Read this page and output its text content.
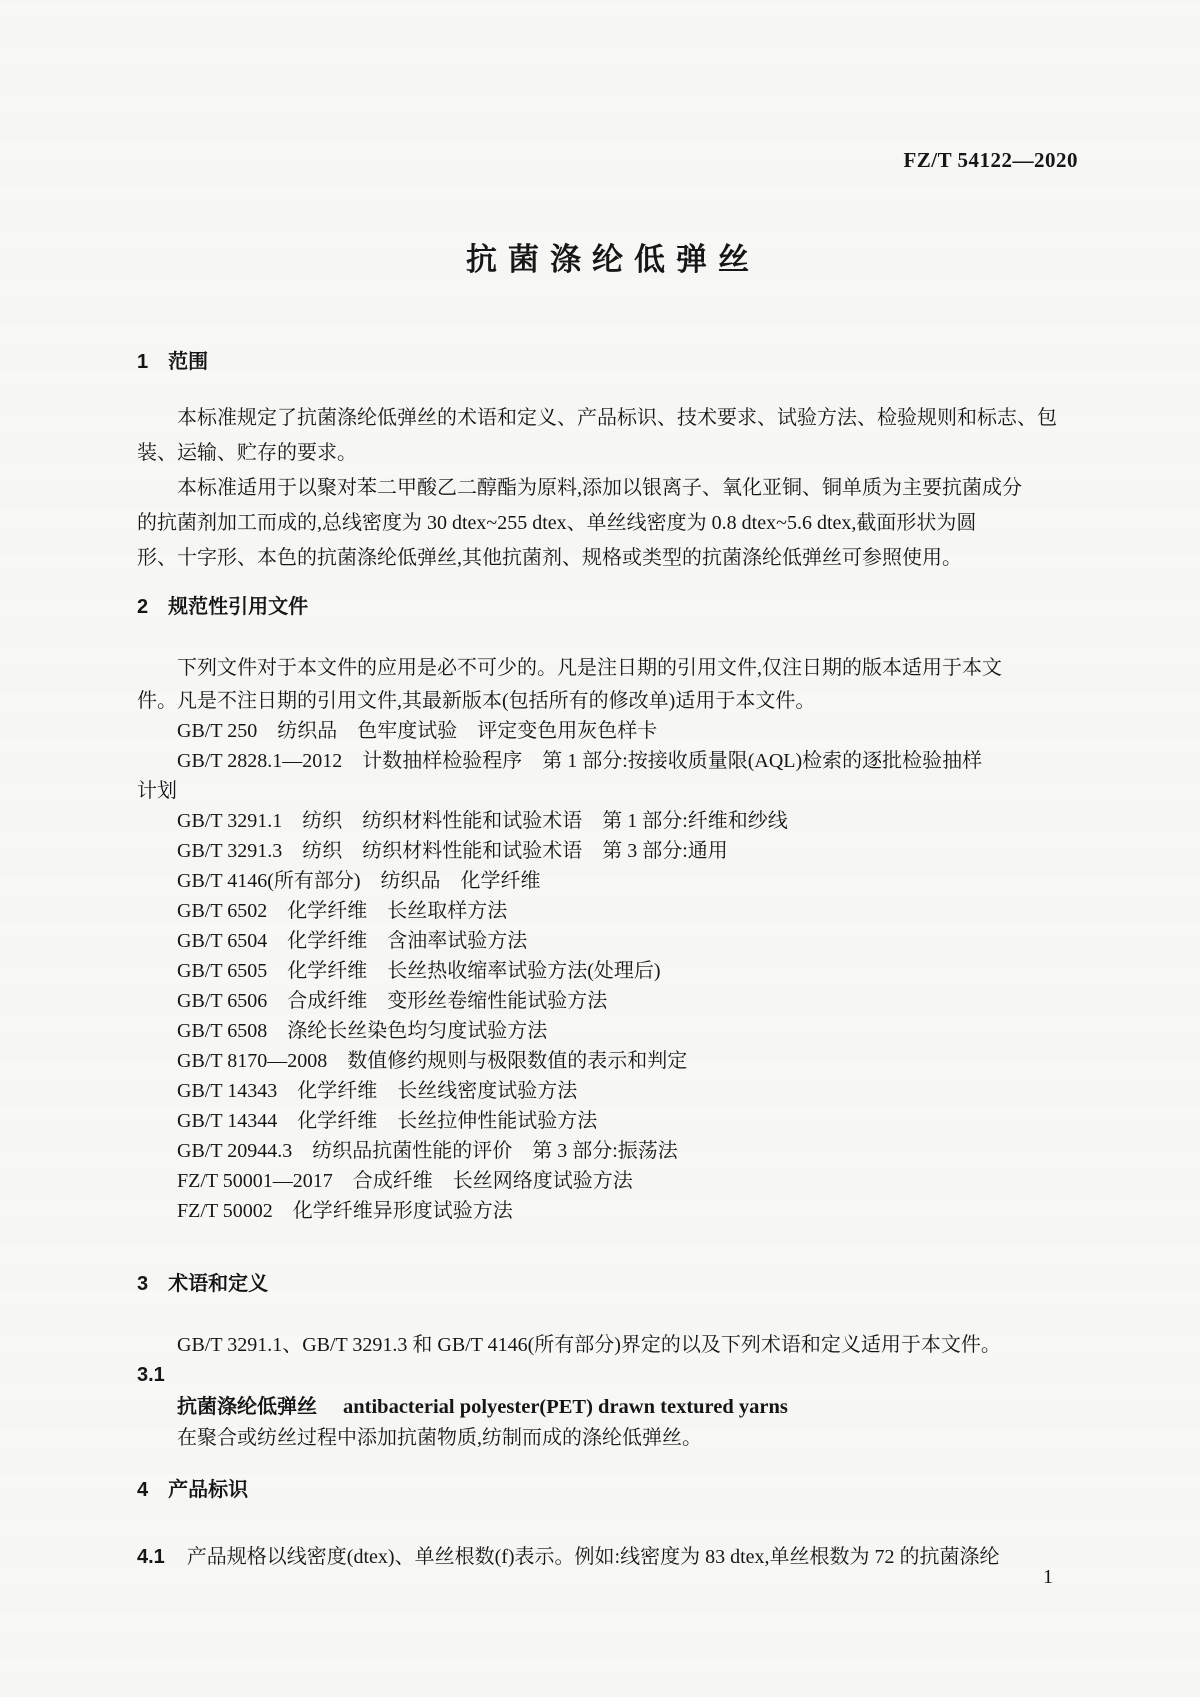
FZ/T 54122—2020
抗菌涤纶低弹丝
1　范围
本标准规定了抗菌涤纶低弹丝的术语和定义、产品标识、技术要求、试验方法、检验规则和标志、包
装、运输、贮存的要求。
本标准适用于以聚对苯二甲酸乙二醇酯为原料,添加以银离子、氧化亚铜、铜单质为主要抗菌成分
的抗菌剂加工而成的,总线密度为 30 dtex~255 dtex、单丝线密度为 0.8 dtex~5.6 dtex,截面形状为圆
形、十字形、本色的抗菌涤纶低弹丝,其他抗菌剂、规格或类型的抗菌涤纶低弹丝可参照使用。
2　规范性引用文件
下列文件对于本文件的应用是必不可少的。凡是注日期的引用文件,仅注日期的版本适用于本文
件。凡是不注日期的引用文件,其最新版本(包括所有的修改单)适用于本文件。
GB/T 250　纺织品　色牢度试验　评定变色用灰色样卡
GB/T 2828.1—2012　计数抽样检验程序　第 1 部分:按接收质量限(AQL)检索的逐批检验抽样
计划
GB/T 3291.1　纺织　纺织材料性能和试验术语　第 1 部分:纤维和纱线
GB/T 3291.3　纺织　纺织材料性能和试验术语　第 3 部分:通用
GB/T 4146(所有部分)　纺织品　化学纤维
GB/T 6502　化学纤维　长丝取样方法
GB/T 6504　化学纤维　含油率试验方法
GB/T 6505　化学纤维　长丝热收缩率试验方法(处理后)
GB/T 6506　合成纤维　变形丝卷缩性能试验方法
GB/T 6508　涤纶长丝染色均匀度试验方法
GB/T 8170—2008　数值修约规则与极限数值的表示和判定
GB/T 14343　化学纤维　长丝线密度试验方法
GB/T 14344　化学纤维　长丝拉伸性能试验方法
GB/T 20944.3　纺织品抗菌性能的评价　第 3 部分:振荡法
FZ/T 50001—2017　合成纤维　长丝网络度试验方法
FZ/T 50002　化学纤维异形度试验方法
3　术语和定义
GB/T 3291.1、GB/T 3291.3 和 GB/T 4146(所有部分)界定的以及下列术语和定义适用于本文件。
3.1
抗菌涤纶低弹丝 antibacterial polyester(PET) drawn textured yarns
在聚合或纺丝过程中添加抗菌物质,纺制而成的涤纶低弹丝。
4　产品标识
4.1 产品规格以线密度(dtex)、单丝根数(f)表示。例如:线密度为 83 dtex,单丝根数为 72 的抗菌涤纶
1
